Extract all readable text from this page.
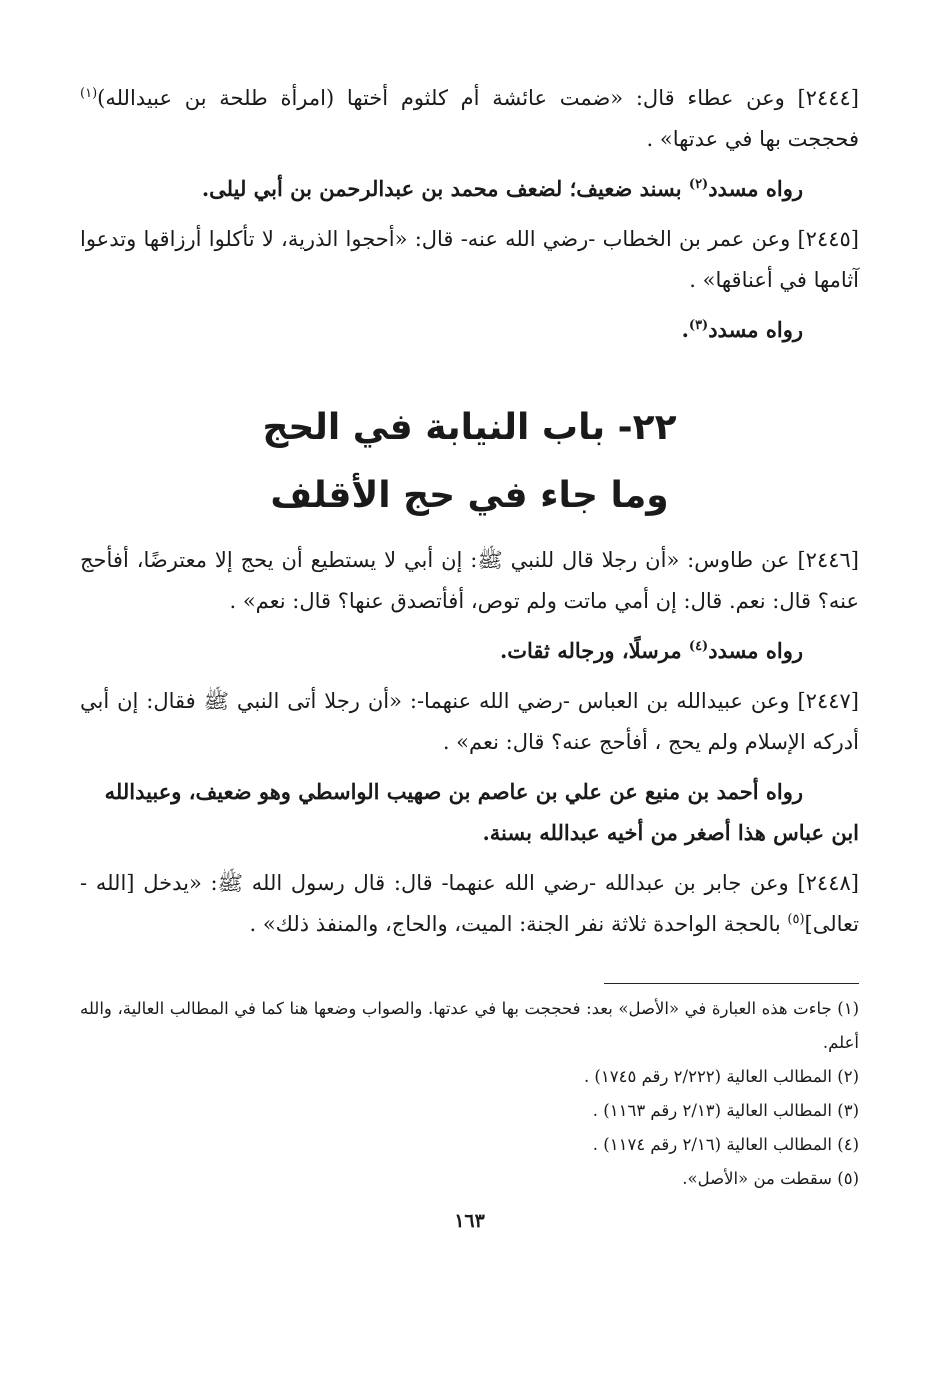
[٢٤٤٤] وعن عطاء قال: «ضمت عائشة أم كلثوم أختها (امرأة طلحة بن عبيدالله)$^{(١)}$ فحججت بها في عدتها» .

رواه مسدد$^{(٢)}$ بسند ضعيف؛ لضعف محمد بن عبدالرحمن بن أبي ليلى.

[٢٤٤٥] وعن عمر بن الخطاب -رضي الله عنه- قال: «أحجوا الذرية، لا تأكلوا أرزاقها وتدعوا آثامها في أعناقها» .

رواه مسدد$^{(٣)}$.

٢٢- باب النيابة في الحج
وما جاء في حج الأقلف

[٢٤٤٦] عن طاوس: «أن رجلا قال للنبي ﷺ: إن أبي لا يستطيع أن يحج إلا معترضًا، أفأحج عنه؟ قال: نعم. قال: إن أمي ماتت ولم توص، أفأتصدق عنها؟ قال: نعم» .

رواه مسدد$^{(٤)}$ مرسلًا، ورجاله ثقات.

[٢٤٤٧] وعن عبيدالله بن العباس -رضي الله عنهما-: «أن رجلا أتى النبي ﷺ فقال: إن أبي أدركه الإسلام ولم يحج ، أفأحج عنه؟ قال: نعم» .

رواه أحمد بن منيع عن علي بن عاصم بن صهيب الواسطي وهو ضعيف، وعبيدالله ابن عباس هذا أصغر من أخيه عبدالله بسنة.

[٢٤٤٨] وعن جابر بن عبدالله -رضي الله عنهما- قال: قال رسول الله ﷺ: «يدخل [الله - تعالى]$^{(٥)}$ بالحجة الواحدة ثلاثة نفر الجنة: الميت، والحاج، والمنفذ ذلك» .

(١) جاءت هذه العبارة في «الأصل» بعد: فحججت بها في عدتها. والصواب وضعها هنا كما في المطالب العالية، والله أعلم.

(٢) المطالب العالية (٢/٢٢٢ رقم ١٧٤٥) .

(٣) المطالب العالية (٢/١٣ رقم ١١٦٣) .

(٤) المطالب العالية (٢/١٦ رقم ١١٧٤) .

(٥) سقطت من «الأصل».

١٦٣
